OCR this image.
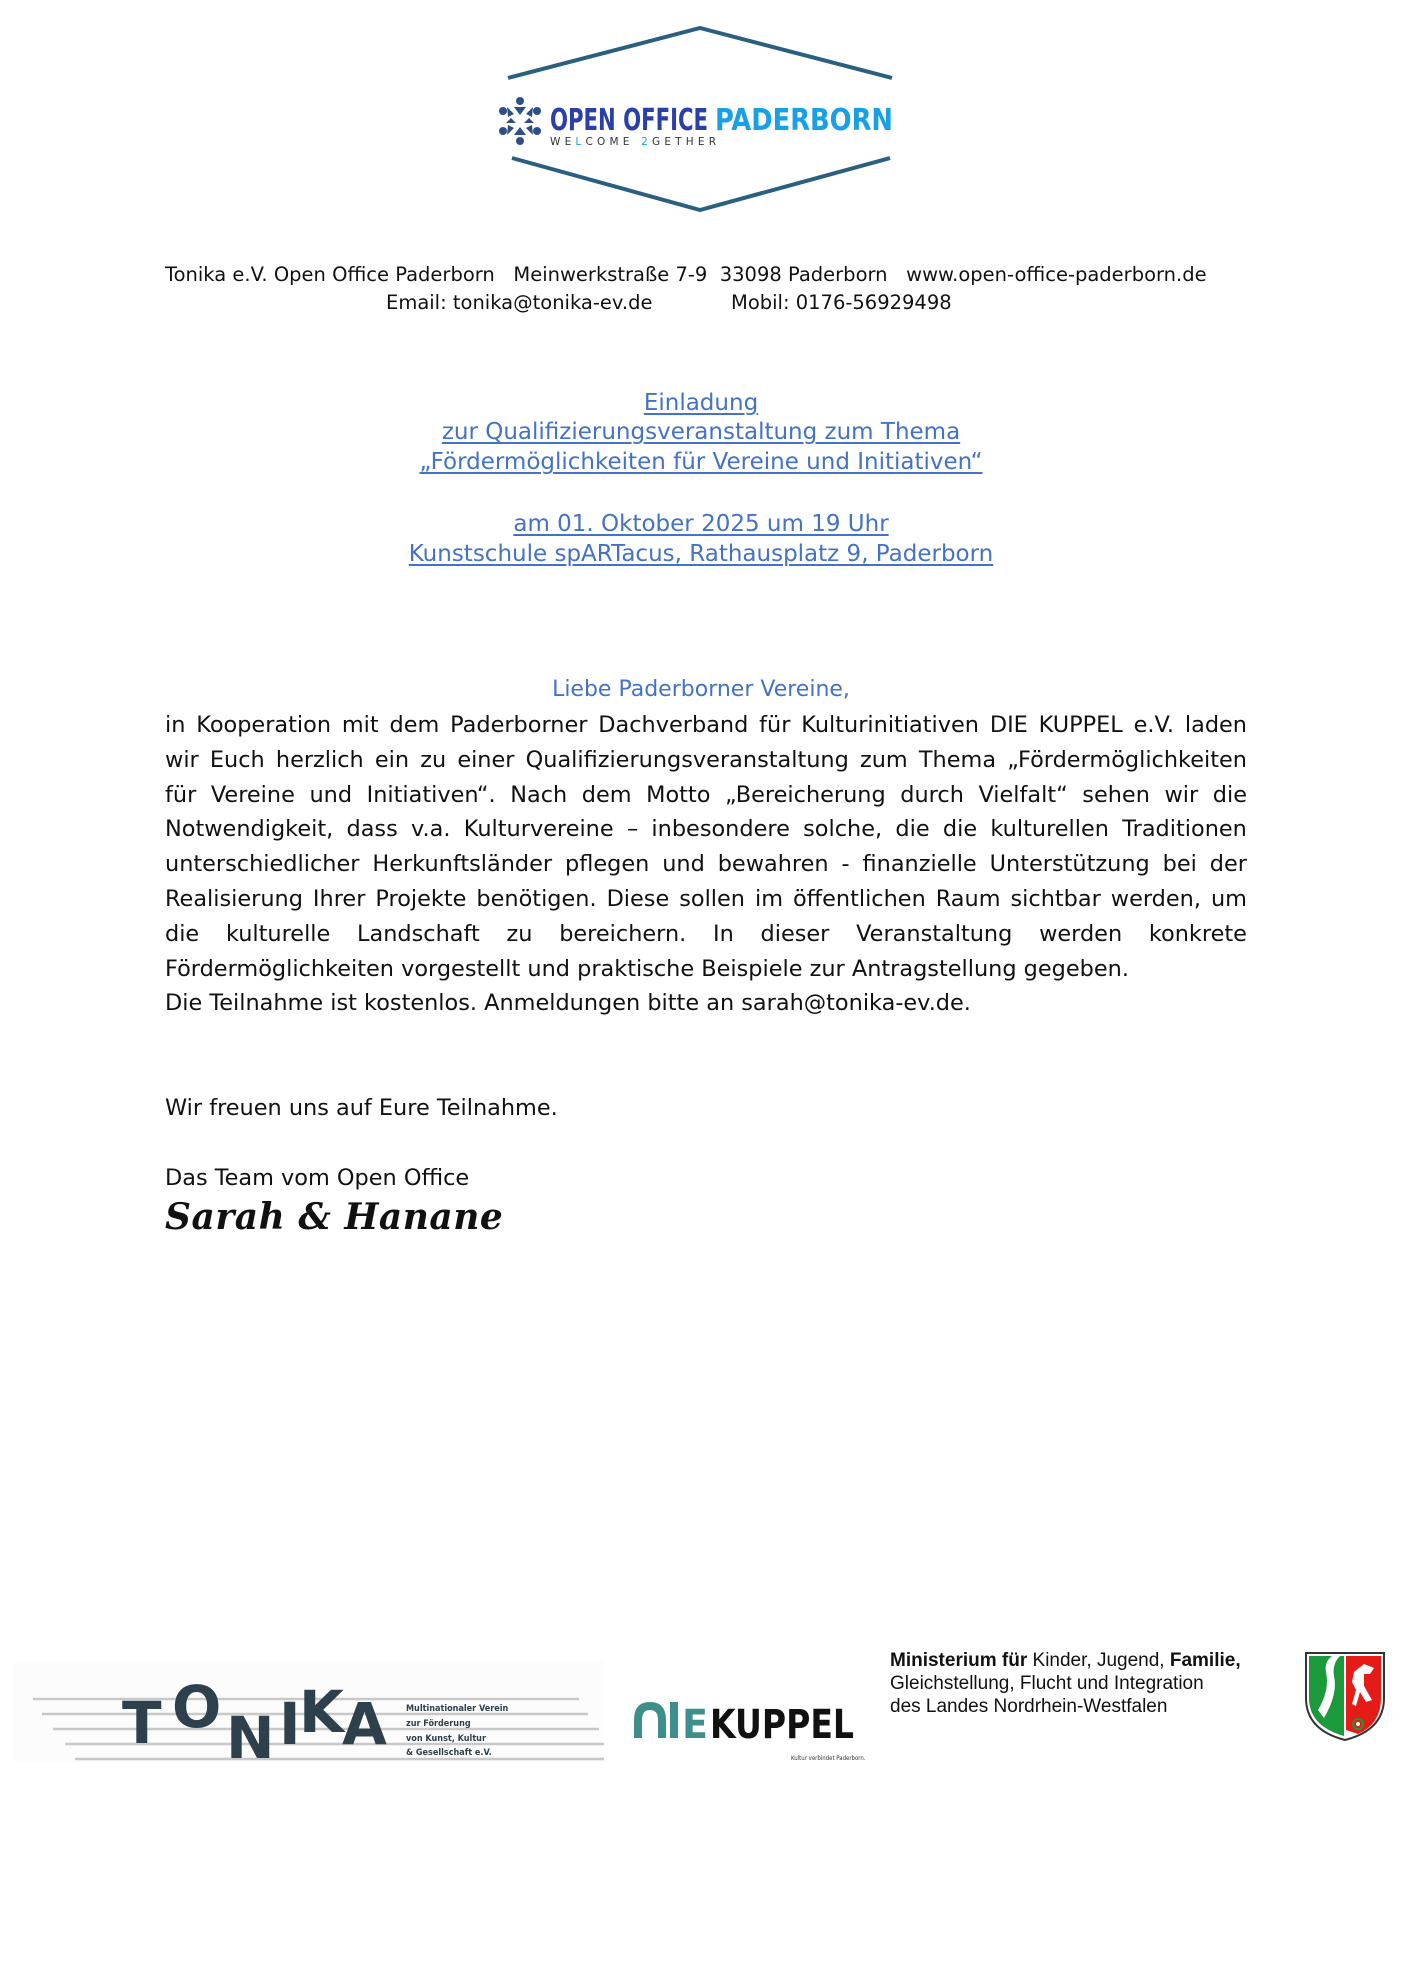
OPEN OFFICE PADERBORN
WELCOME 2GETHER
Tonika e.V. Open Office Paderborn   Meinwerkstraße 7-9  33098 Paderborn   www.open-office-paderborn.de
Email: tonika@tonika-ev.de	Mobil: 0176-56929498
Einladung
zur Qualifizierungsveranstaltung zum Thema
„Fördermöglichkeiten für Vereine und Initiativen“
am 01. Oktober 2025 um 19 Uhr
Kunstschule spARTacus, Rathausplatz 9, Paderborn
Liebe Paderborner Vereine,
in Kooperation mit dem Paderborner Dachverband für Kulturinitiativen DIE KUPPEL e.V. laden
wir Euch herzlich ein zu einer Qualifizierungsveranstaltung zum Thema „Fördermöglichkeiten
für Vereine und Initiativen“. Nach dem Motto „Bereicherung durch Vielfalt“ sehen wir die
Notwendigkeit, dass v.a. Kulturvereine – inbesondere solche, die die kulturellen Traditionen
unterschiedlicher Herkunftsländer pflegen und bewahren - finanzielle Unterstützung bei der
Realisierung Ihrer Projekte benötigen. Diese sollen im öffentlichen Raum sichtbar werden, um
die kulturelle Landschaft zu bereichern. In dieser Veranstaltung werden konkrete
Fördermöglichkeiten vorgestellt und praktische Beispiele zur Antragstellung gegeben.
Die Teilnahme ist kostenlos. Anmeldungen bitte an sarah@tonika-ev.de.
Wir freuen uns auf Eure Teilnahme.
Das Team vom Open Office
Sarah & Hanane
T O N I
K
A Multinationaler Verein
zur Förderung
von Kunst, Kultur
& Gesellschaft e.V.
E KUPPEL
Kultur verbindet Paderborn.
Ministerium für Kinder, Jugend, Familie,
Gleichstellung, Flucht und Integration
des Landes Nordrhein-Westfalen
